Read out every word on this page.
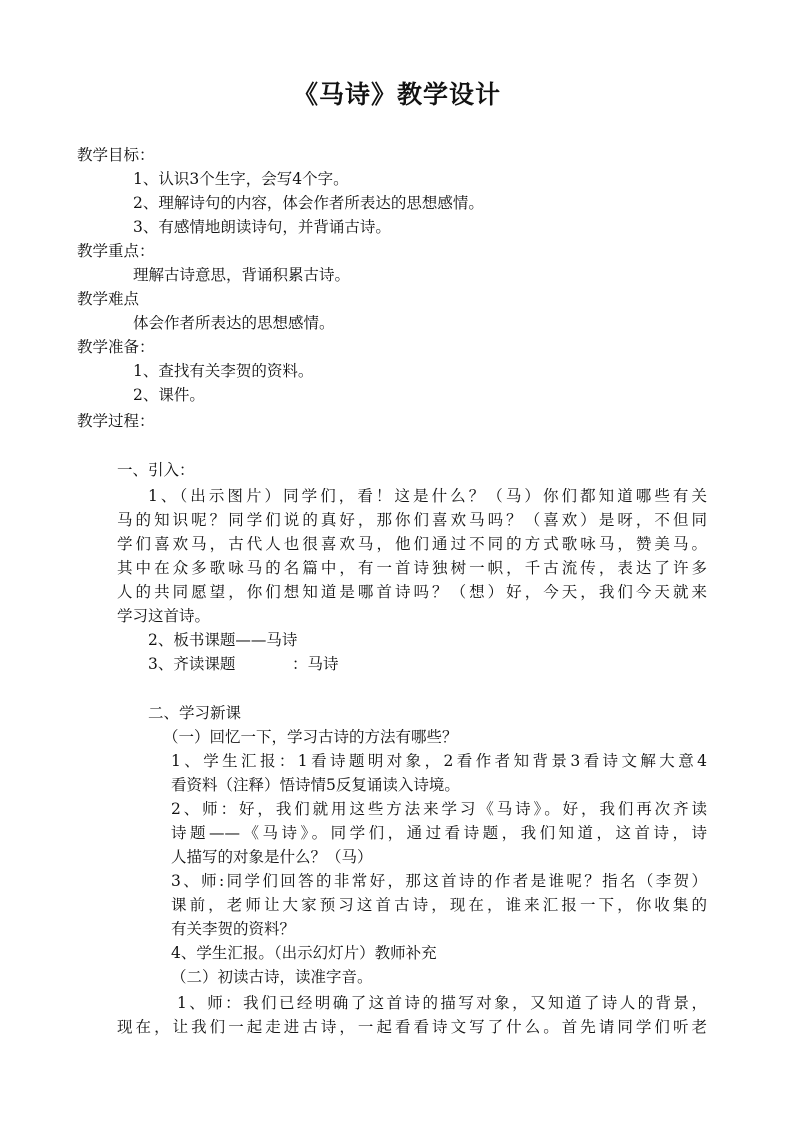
《马诗》教学设计
教学目标：
1、认识3个生字，会写4个字。
2、理解诗句的内容，体会作者所表达的思想感情。
3、有感情地朗读诗句，并背诵古诗。
教学重点：
理解古诗意思，背诵积累古诗。
教学难点
体会作者所表达的思想感情。
教学准备：
1、查找有关李贺的资料。
2、课件。
教学过程：
一、引入：
1、（出示图片）同学们，看！这是什么？（马）你们都知道哪些有关
马的知识呢？同学们说的真好，那你们喜欢马吗？（喜欢）是呀，不但同
学们喜欢马，古代人也很喜欢马，他们通过不同的方式歌咏马，赞美马。
其中在众多歌咏马的名篇中，有一首诗独树一帜，千古流传，表达了许多
人的共同愿望，你们想知道是哪首诗吗？（想）好，今天，我们今天就来
学习这首诗。
2、板书课题——马诗
3、齐读课题	：马诗
二、学习新课
（一）回忆一下，学习古诗的方法有哪些？
1、学生汇报：1看诗题明对象，2看作者知背景3看诗文解大意4
看资料（注释）悟诗情5反复诵读入诗境。
2、师：好，我们就用这些方法来学习《马诗》。好，我们再次齐读
诗题——《马诗》。同学们，通过看诗题，我们知道，这首诗，诗
人描写的对象是什么？（马）
3、师:同学们回答的非常好，那这首诗的作者是谁呢？指名（李贺）
课前，老师让大家预习这首古诗，现在，谁来汇报一下，你收集的
有关李贺的资料？
4、学生汇报。（出示幻灯片）教师补充
（二）初读古诗，读准字音。
1、师：我们已经明确了这首诗的描写对象，又知道了诗人的背景，
现在，让我们一起走进古诗，一起看看诗文写了什么。首先请同学们听老
